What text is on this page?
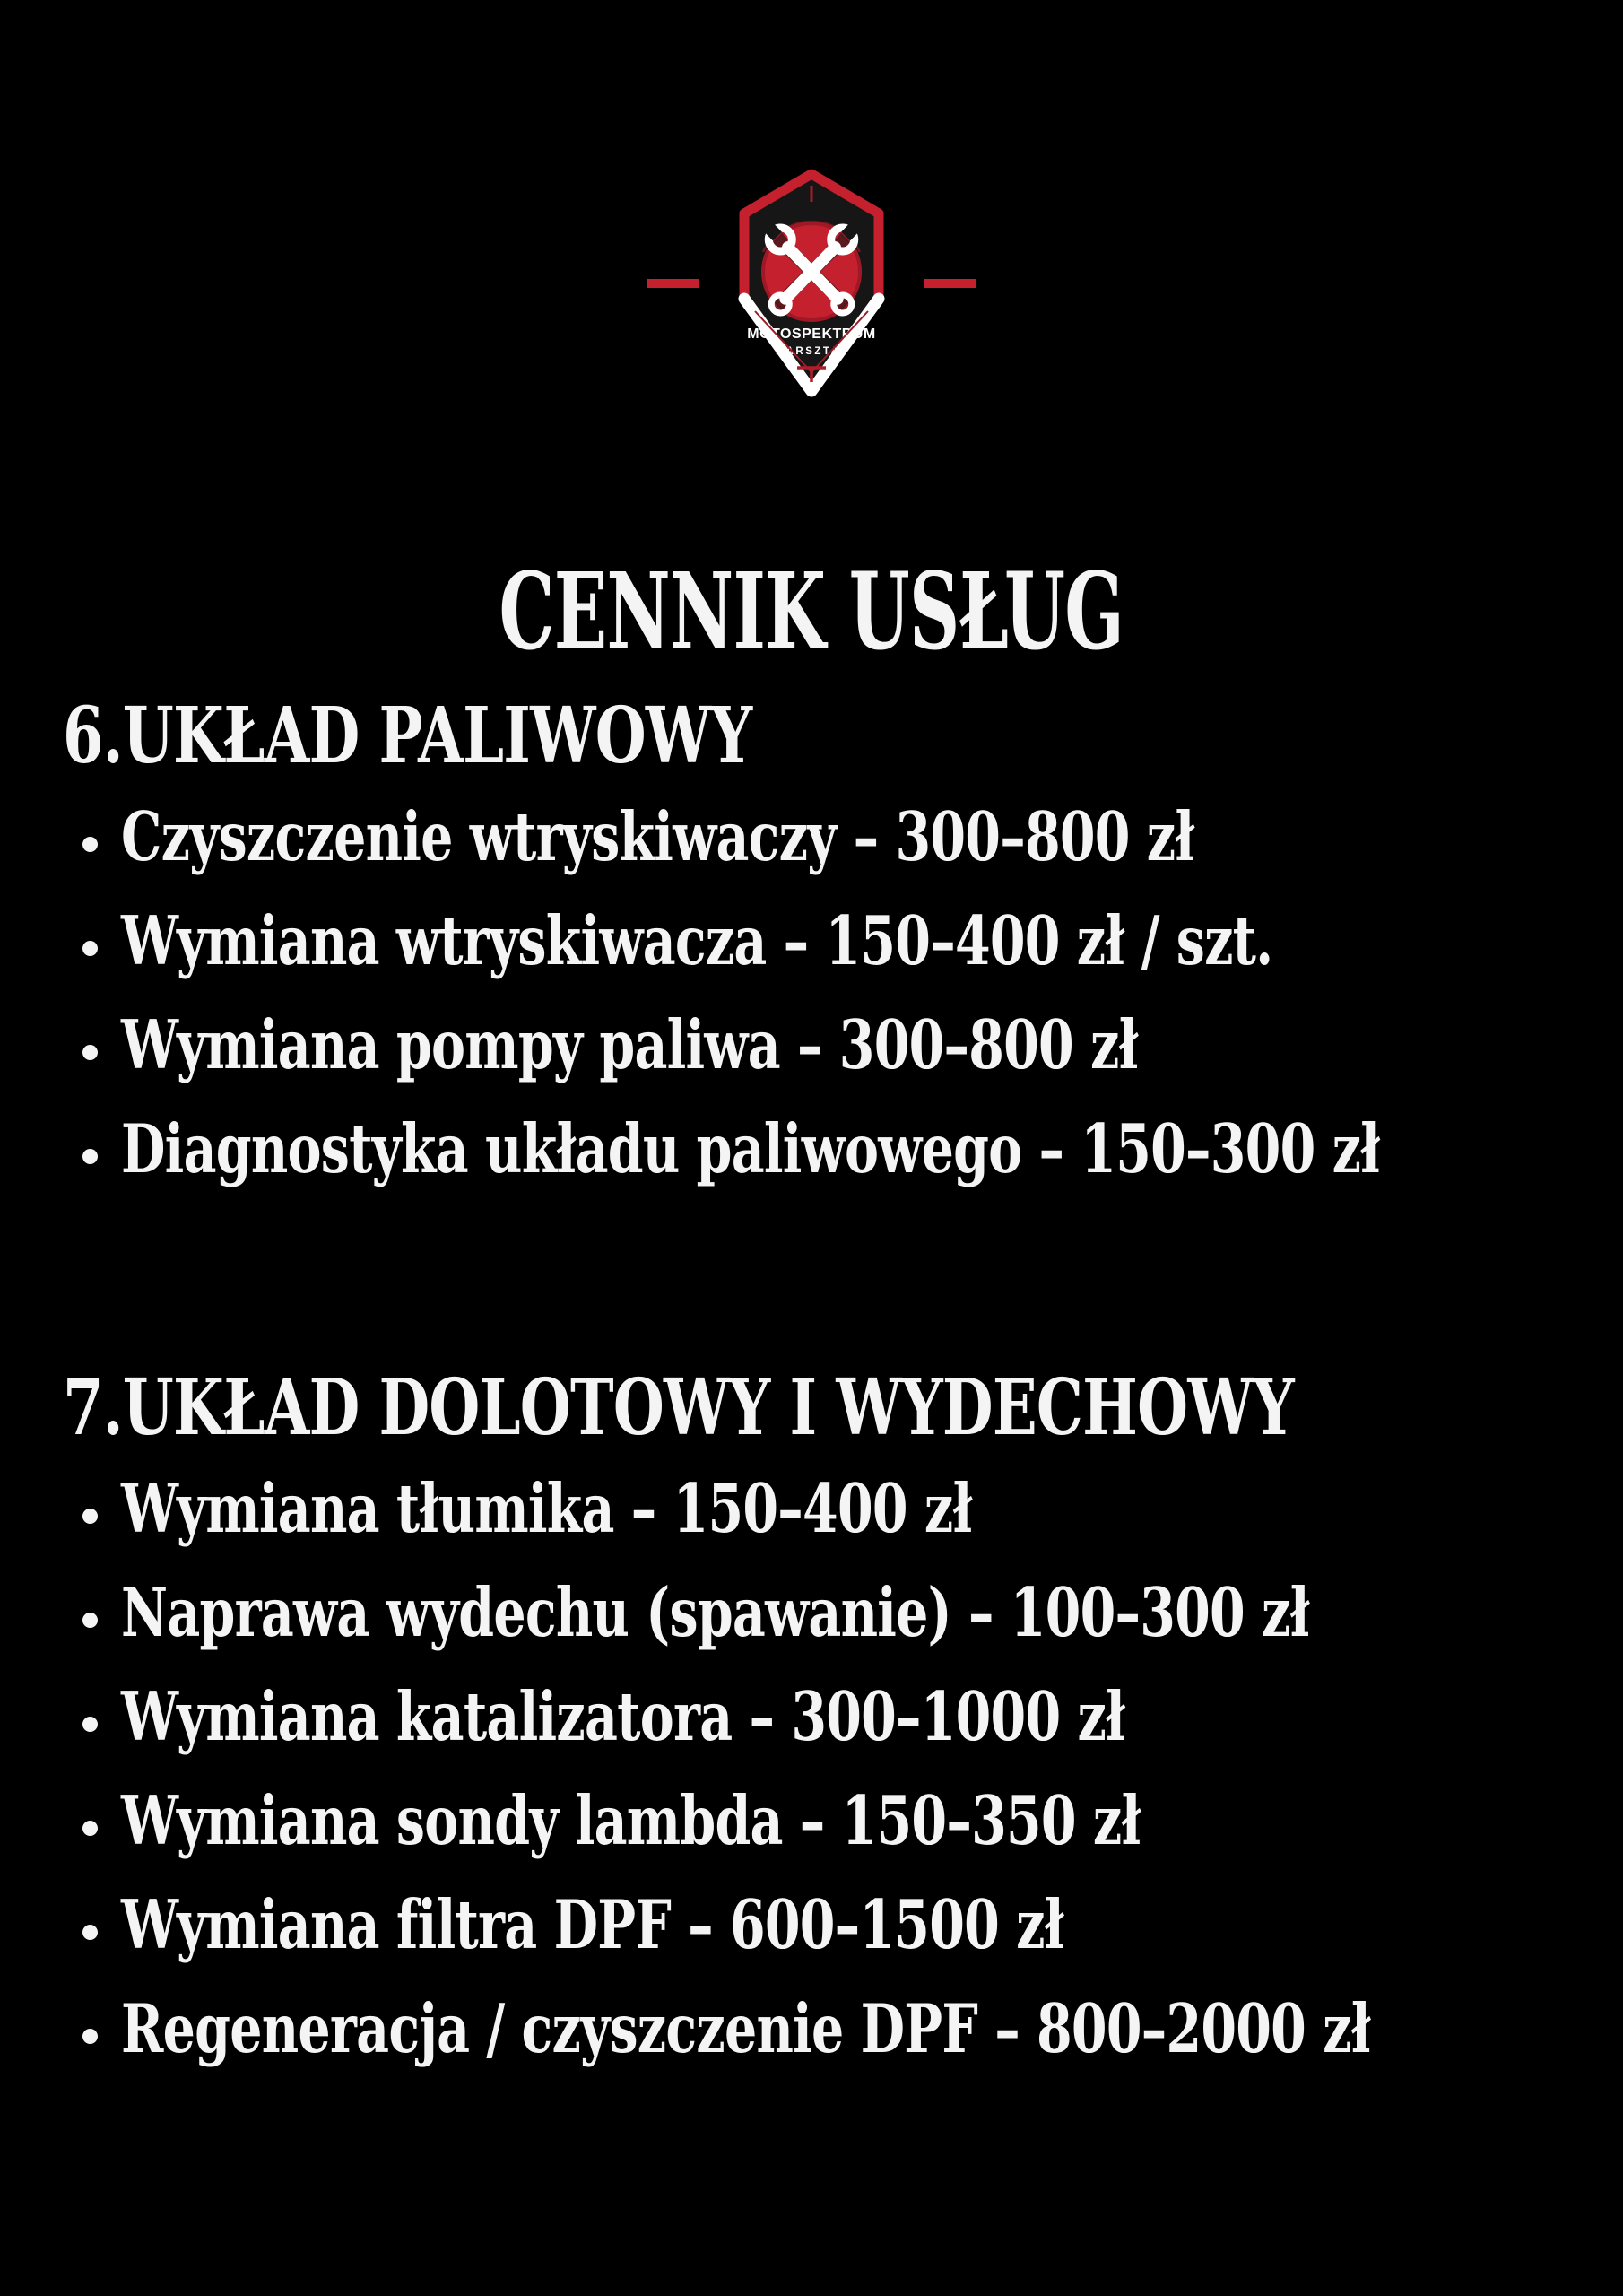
MOTOSPEKTRUM
WARSZTAT
CENNIK USŁUG
6.UKŁAD PALIWOWY
Czyszczenie wtryskiwaczy – 300–800 zł
Wymiana wtryskiwacza – 150–400 zł / szt.
Wymiana pompy paliwa – 300–800 zł
Diagnostyka układu paliwowego – 150–300 zł
7.UKŁAD DOLOTOWY I WYDECHOWY
Wymiana tłumika – 150–400 zł
Naprawa wydechu (spawanie) – 100–300 zł
Wymiana katalizatora – 300–1000 zł
Wymiana sondy lambda – 150–350 zł
Wymiana filtra DPF – 600–1500 zł
Regeneracja / czyszczenie DPF – 800–2000 zł
